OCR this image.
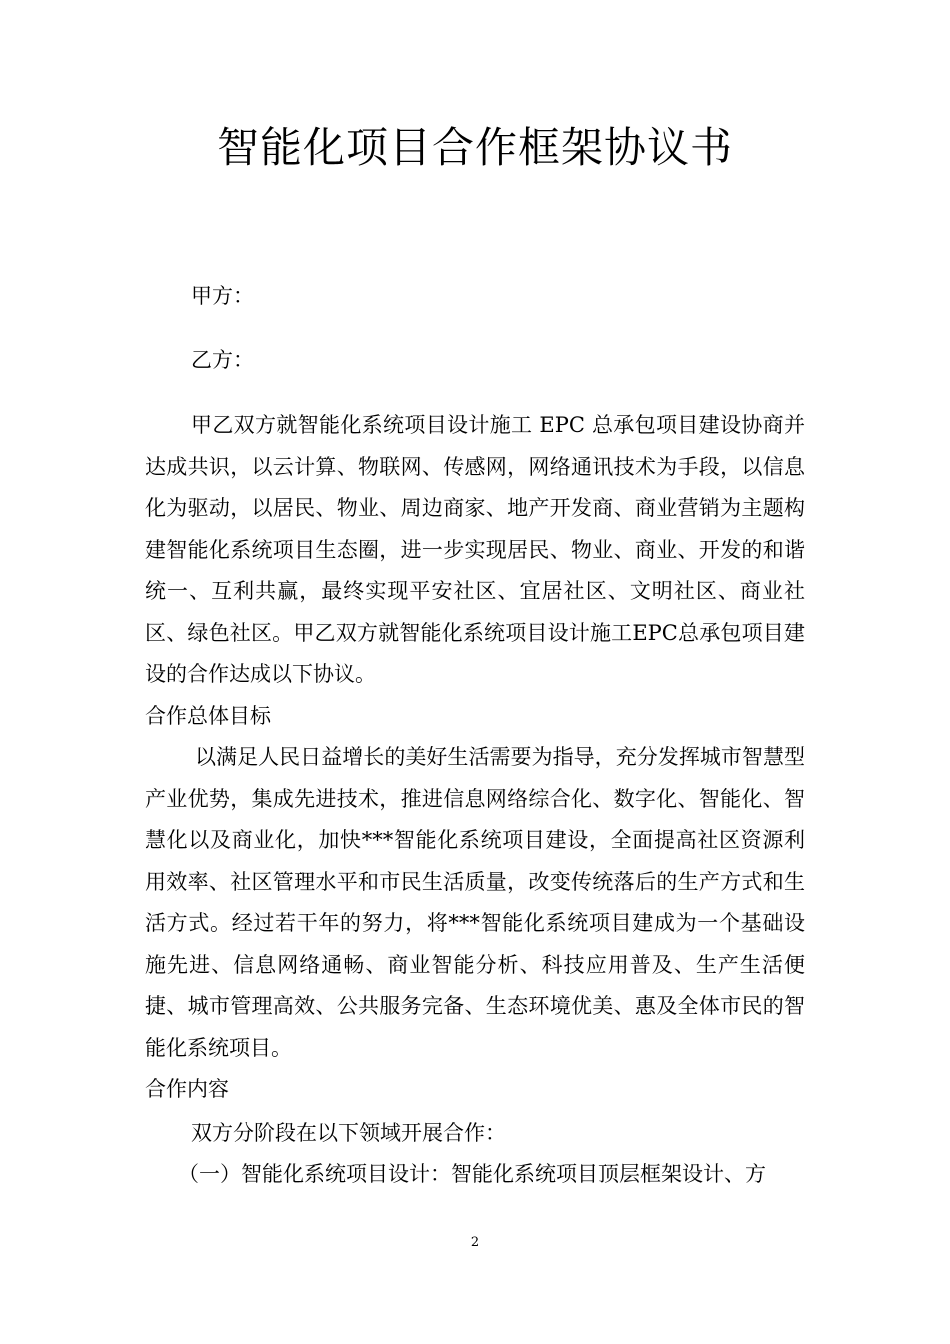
智能化项目合作框架协议书
甲方：
乙方：
甲乙双方就智能化系统项目设计施工 EPC 总承包项目建设协商并达成共识，以云计算、物联网、传感网，网络通讯技术为手段，以信息化为驱动，以居民、物业、周边商家、地产开发商、商业营销为主题构建智能化系统项目生态圈，进一步实现居民、物业、商业、开发的和谐统一、互利共赢，最终实现平安社区、宜居社区、文明社区、商业社区、绿色社区。甲乙双方就智能化系统项目设计施工EPC总承包项目建设的合作达成以下协议。
合作总体目标
以满足人民日益增长的美好生活需要为指导，充分发挥城市智慧型产业优势，集成先进技术，推进信息网络综合化、数字化、智能化、智慧化以及商业化，加快***智能化系统项目建设，全面提高社区资源利用效率、社区管理水平和市民生活质量，改变传统落后的生产方式和生活方式。经过若干年的努力，将***智能化系统项目建成为一个基础设施先进、信息网络通畅、商业智能分析、科技应用普及、生产生活便捷、城市管理高效、公共服务完备、生态环境优美、惠及全体市民的智能化系统项目。
合作内容
双方分阶段在以下领域开展合作：
（一）智能化系统项目设计：智能化系统项目顶层框架设计、方
2
